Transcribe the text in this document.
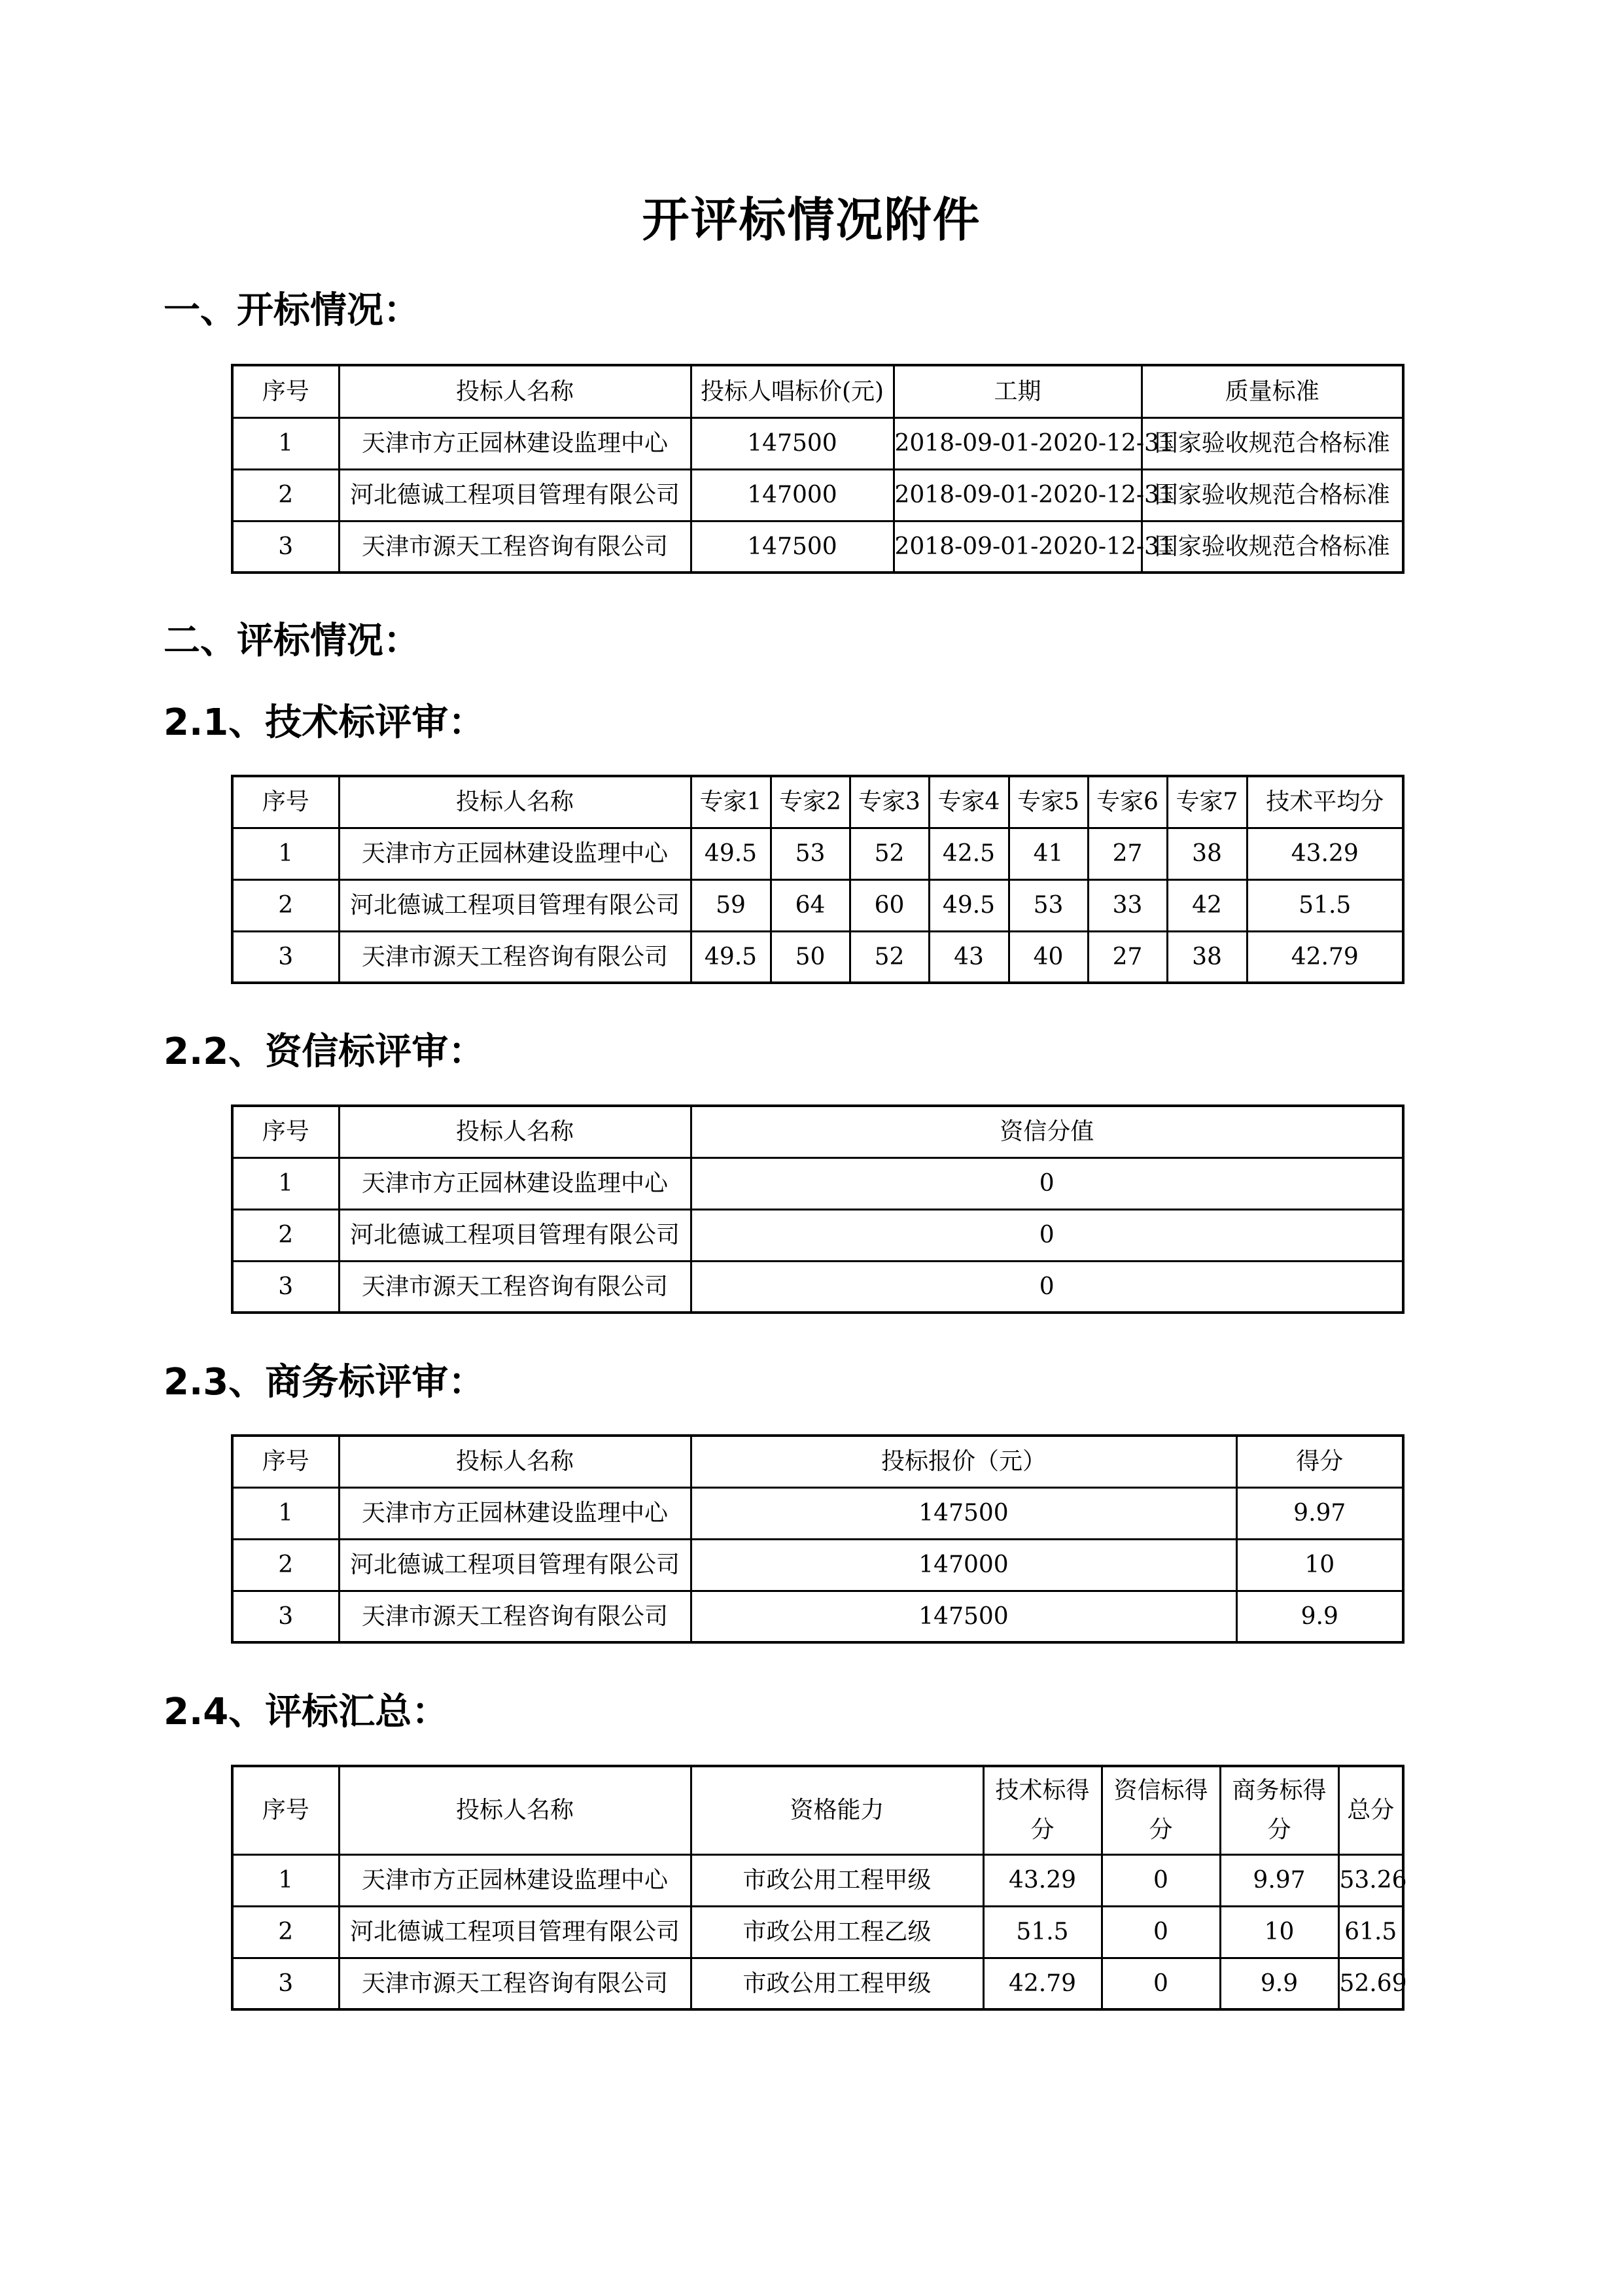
开评标情况附件
一、开标情况：
序号	投标人名称	投标人唱标价(元)	工期	质量标准
1	天津市方正园林建设监理中心	147500	2018-09-01-2020-12-31	国家验收规范合格标准
2	河北德诚工程项目管理有限公司	147000	2018-09-01-2020-12-31	国家验收规范合格标准
3	天津市源天工程咨询有限公司	147500	2018-09-01-2020-12-31	国家验收规范合格标准
二、评标情况：
2.1、技术标评审：
序号	投标人名称	专家1	专家2	专家3	专家4	专家5	专家6	专家7	技术平均分
1	天津市方正园林建设监理中心	49.5	53	52	42.5	41	27	38	43.29
2	河北德诚工程项目管理有限公司	59	64	60	49.5	53	33	42	51.5
3	天津市源天工程咨询有限公司	49.5	50	52	43	40	27	38	42.79
2.2、资信标评审：
序号	投标人名称	资信分值
1	天津市方正园林建设监理中心	0
2	河北德诚工程项目管理有限公司	0
3	天津市源天工程咨询有限公司	0
2.3、商务标评审：
序号	投标人名称	投标报价（元）	得分
1	天津市方正园林建设监理中心	147500	9.97
2	河北德诚工程项目管理有限公司	147000	10
3	天津市源天工程咨询有限公司	147500	9.9
2.4、评标汇总：
序号	投标人名称	资格能力	技术标得分	资信标得分	商务标得分	总分
1	天津市方正园林建设监理中心	市政公用工程甲级	43.29	0	9.97	53.26
2	河北德诚工程项目管理有限公司	市政公用工程乙级	51.5	0	10	61.5
3	天津市源天工程咨询有限公司	市政公用工程甲级	42.79	0	9.9	52.69
